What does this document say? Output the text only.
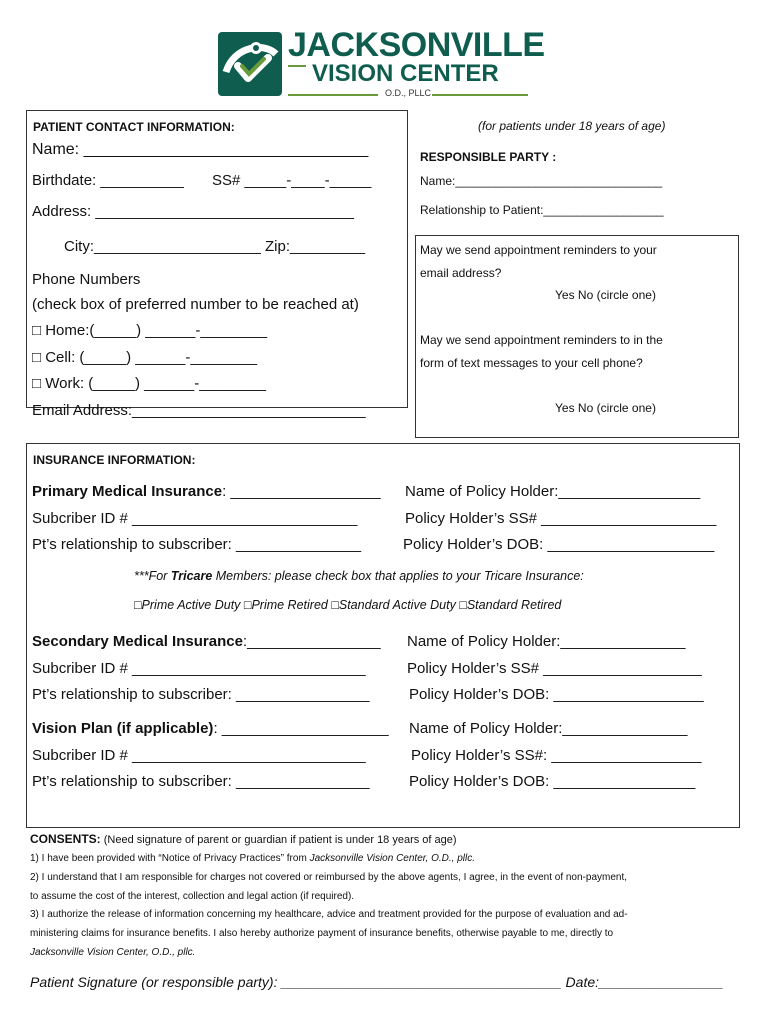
JACKSONVILLE
VISION CENTER
O.D., PLLC
PATIENT CONTACT INFORMATION:
Name: ________________________________
Birthdate: __________ SS# _____-____-_____
Address: _______________________________
City:____________________ Zip:_________
Phone Numbers
(check box of preferred number to be reached at)
□ Home:(_____) ______-________
□ Cell: (_____) ______-________
□ Work: (_____) ______-________
Email Address:____________________________
(for patients under 18 years of age)
RESPONSIBLE PARTY :
Name:_______________________________
Relationship to Patient:__________________
May we send appointment reminders to your
email address?
Yes No (circle one)
May we send appointment reminders to in the
form of text messages to your cell phone?
Yes No (circle one)
INSURANCE INFORMATION:
Primary Medical Insurance: __________________
Subcriber ID # ___________________________
Pt’s relationship to subscriber: _______________
Name of Policy Holder:_________________
Policy Holder’s SS# _____________________
Policy Holder’s DOB: ____________________
***For Tricare Members: please check box that applies to your Tricare Insurance:
□Prime Active Duty □Prime Retired □Standard Active Duty □Standard Retired
Secondary Medical Insurance:________________
Subcriber ID # ____________________________
Pt’s relationship to subscriber: ________________
Name of Policy Holder:_______________
Policy Holder’s SS# ___________________
Policy Holder’s DOB: __________________
Vision Plan (if applicable): ____________________
Subcriber ID # ____________________________
Pt’s relationship to subscriber: ________________
Name of Policy Holder:_______________
Policy Holder’s SS#: __________________
Policy Holder’s DOB: _________________
CONSENTS: (Need signature of parent or guardian if patient is under 18 years of age)
1) I have been provided with “Notice of Privacy Practices” from Jacksonville Vision Center, O.D., pllc.
2) I understand that I am responsible for charges not covered or reimbursed by the above agents, I agree, in the event of non-payment,
to assume the cost of the interest, collection and legal action (if required).
3) I authorize the release of information concerning my healthcare, advice and treatment provided for the purpose of evaluation and ad-
ministering claims for insurance benefits. I also hereby authorize payment of insurance benefits, otherwise payable to me, directly to
Jacksonville Vision Center, O.D., pllc.
Patient Signature (or responsible party): ____________________________________ Date:________________
